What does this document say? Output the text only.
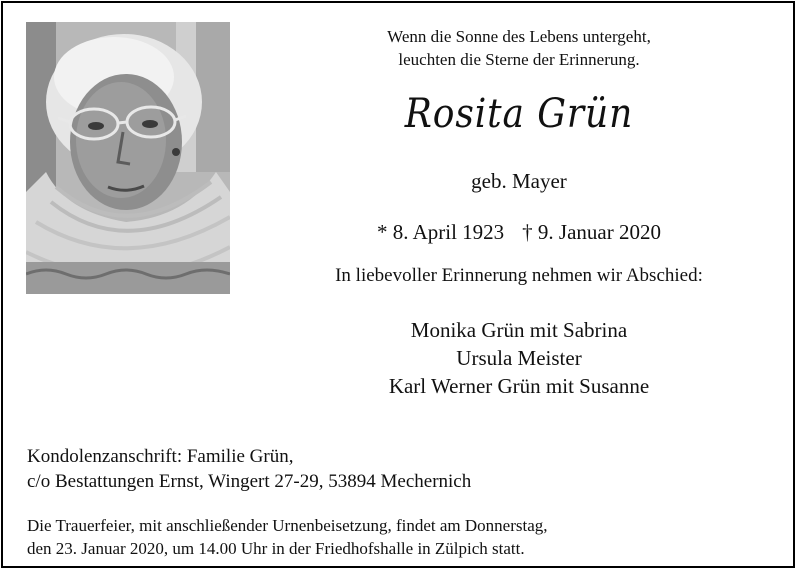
Wenn die Sonne des Lebens untergeht,
leuchten die Sterne der Erinnerung.
Rosita Grün
geb. Mayer
* 8. April 1923 † 9. Januar 2020
In liebevoller Erinnerung nehmen wir Abschied:
Monika Grün mit Sabrina
Ursula Meister
Karl Werner Grün mit Susanne
Kondolenzanschrift: Familie Grün,
c/o Bestattungen Ernst, Wingert 27-29, 53894 Mechernich
Die Trauerfeier, mit anschließender Urnenbeisetzung, findet am Donnerstag,
den 23. Januar 2020, um 14.00 Uhr in der Friedhofshalle in Zülpich statt.
